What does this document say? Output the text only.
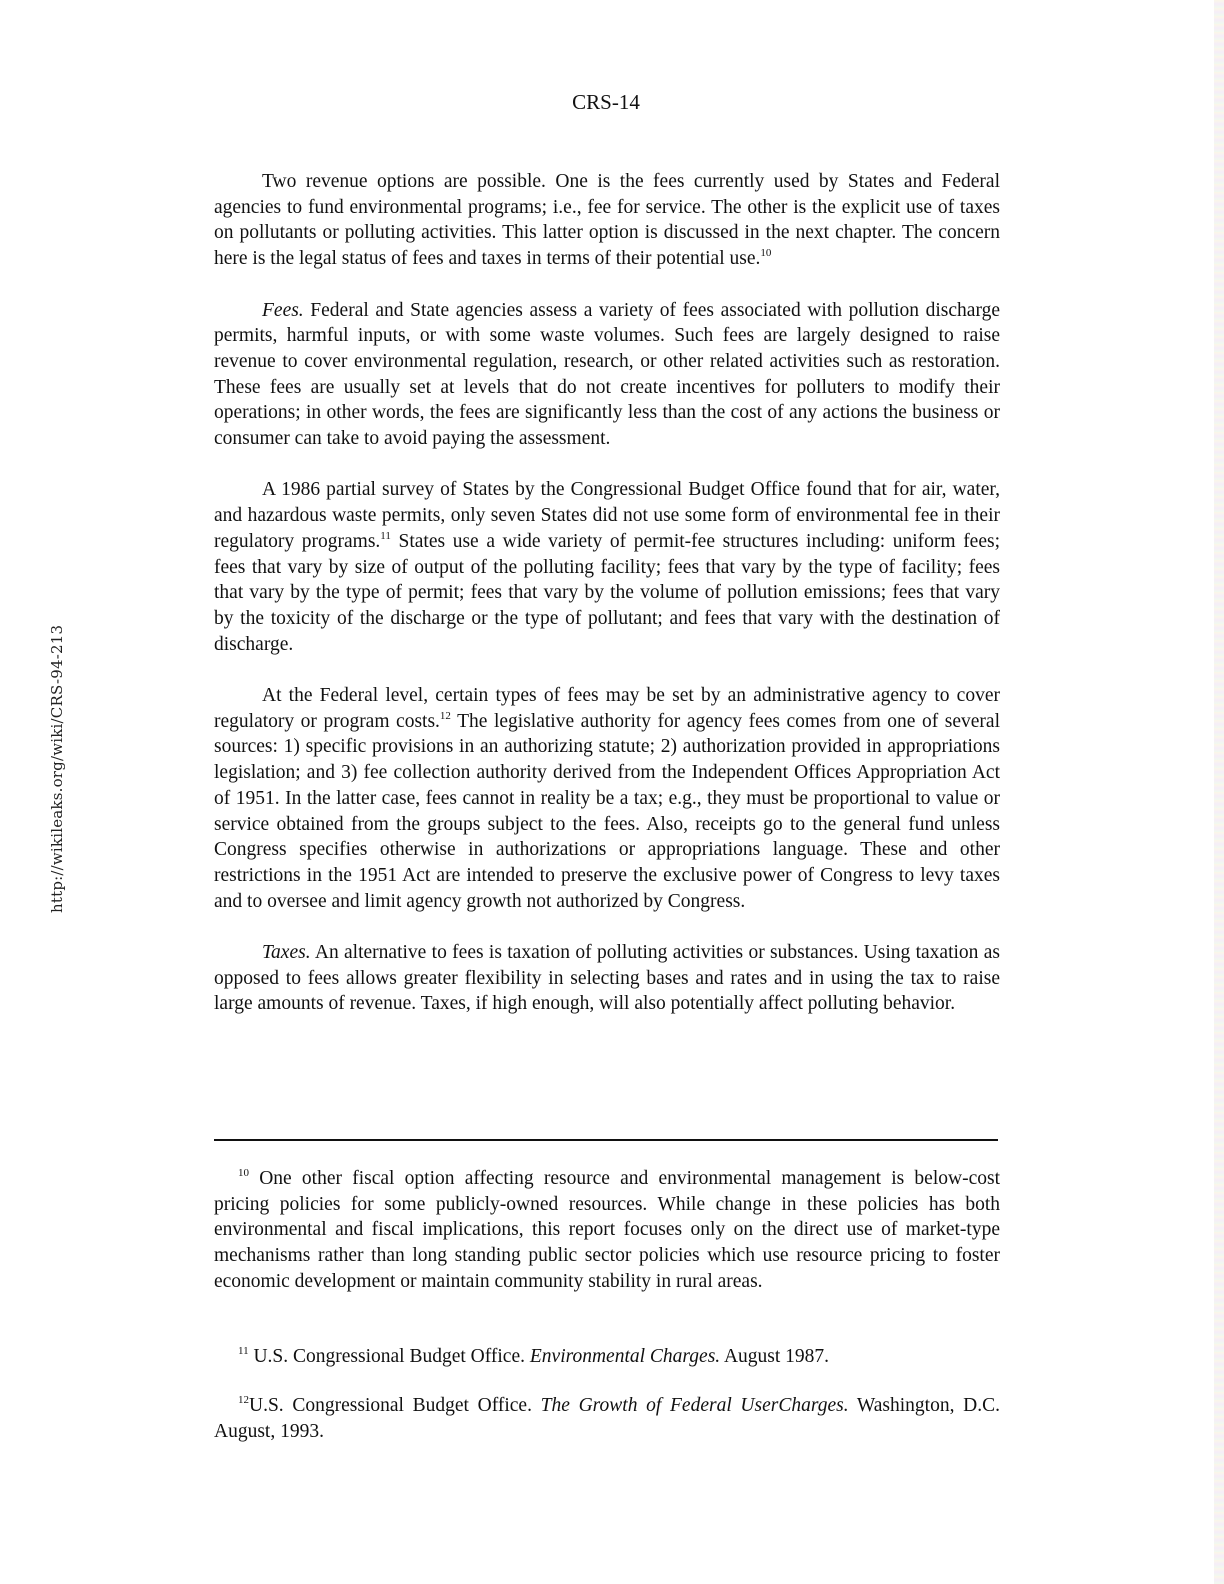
http://wikileaks.org/wiki/CRS-94-213
CRS-14

Two revenue options are possible. One is the fees currently used by States and Federal agencies to fund environmental programs; i.e., fee for service. The other is the explicit use of taxes on pollutants or polluting activities. This latter option is discussed in the next chapter. The concern here is the legal status of fees and taxes in terms of their potential use.$^{10}$

Fees. Federal and State agencies assess a variety of fees associated with pollution discharge permits, harmful inputs, or with some waste volumes. Such fees are largely designed to raise revenue to cover environmental regulation, research, or other related activities such as restoration. These fees are usually set at levels that do not create incentives for polluters to modify their operations; in other words, the fees are significantly less than the cost of any actions the business or consumer can take to avoid paying the assessment.

A 1986 partial survey of States by the Congressional Budget Office found that for air, water, and hazardous waste permits, only seven States did not use some form of environmental fee in their regulatory programs.$^{11}$ States use a wide variety of permit-fee structures including: uniform fees; fees that vary by size of output of the polluting facility; fees that vary by the type of facility; fees that vary by the type of permit; fees that vary by the volume of pollution emissions; fees that vary by the toxicity of the discharge or the type of pollutant; and fees that vary with the destination of discharge.

At the Federal level, certain types of fees may be set by an administrative agency to cover regulatory or program costs.$^{12}$ The legislative authority for agency fees comes from one of several sources: 1) specific provisions in an authorizing statute; 2) authorization provided in appropriations legislation; and 3) fee collection authority derived from the Independent Offices Appropriation Act of 1951. In the latter case, fees cannot in reality be a tax; e.g., they must be proportional to value or service obtained from the groups subject to the fees. Also, receipts go to the general fund unless Congress specifies otherwise in authorizations or appropriations language. These and other restrictions in the 1951 Act are intended to preserve the exclusive power of Congress to levy taxes and to oversee and limit agency growth not authorized by Congress.

Taxes. An alternative to fees is taxation of polluting activities or substances. Using taxation as opposed to fees allows greater flexibility in selecting bases and rates and in using the tax to raise large amounts of revenue. Taxes, if high enough, will also potentially affect polluting behavior.

$^{10}$ One other fiscal option affecting resource and environmental management is below-cost pricing policies for some publicly-owned resources. While change in these policies has both environmental and fiscal implications, this report focuses only on the direct use of market-type mechanisms rather than long standing public sector policies which use resource pricing to foster economic development or maintain community stability in rural areas.

$^{11}$ U.S. Congressional Budget Office. Environmental Charges. August 1987.

$^{12}$U.S. Congressional Budget Office. The Growth of Federal UserCharges. Washington, D.C. August, 1993.
